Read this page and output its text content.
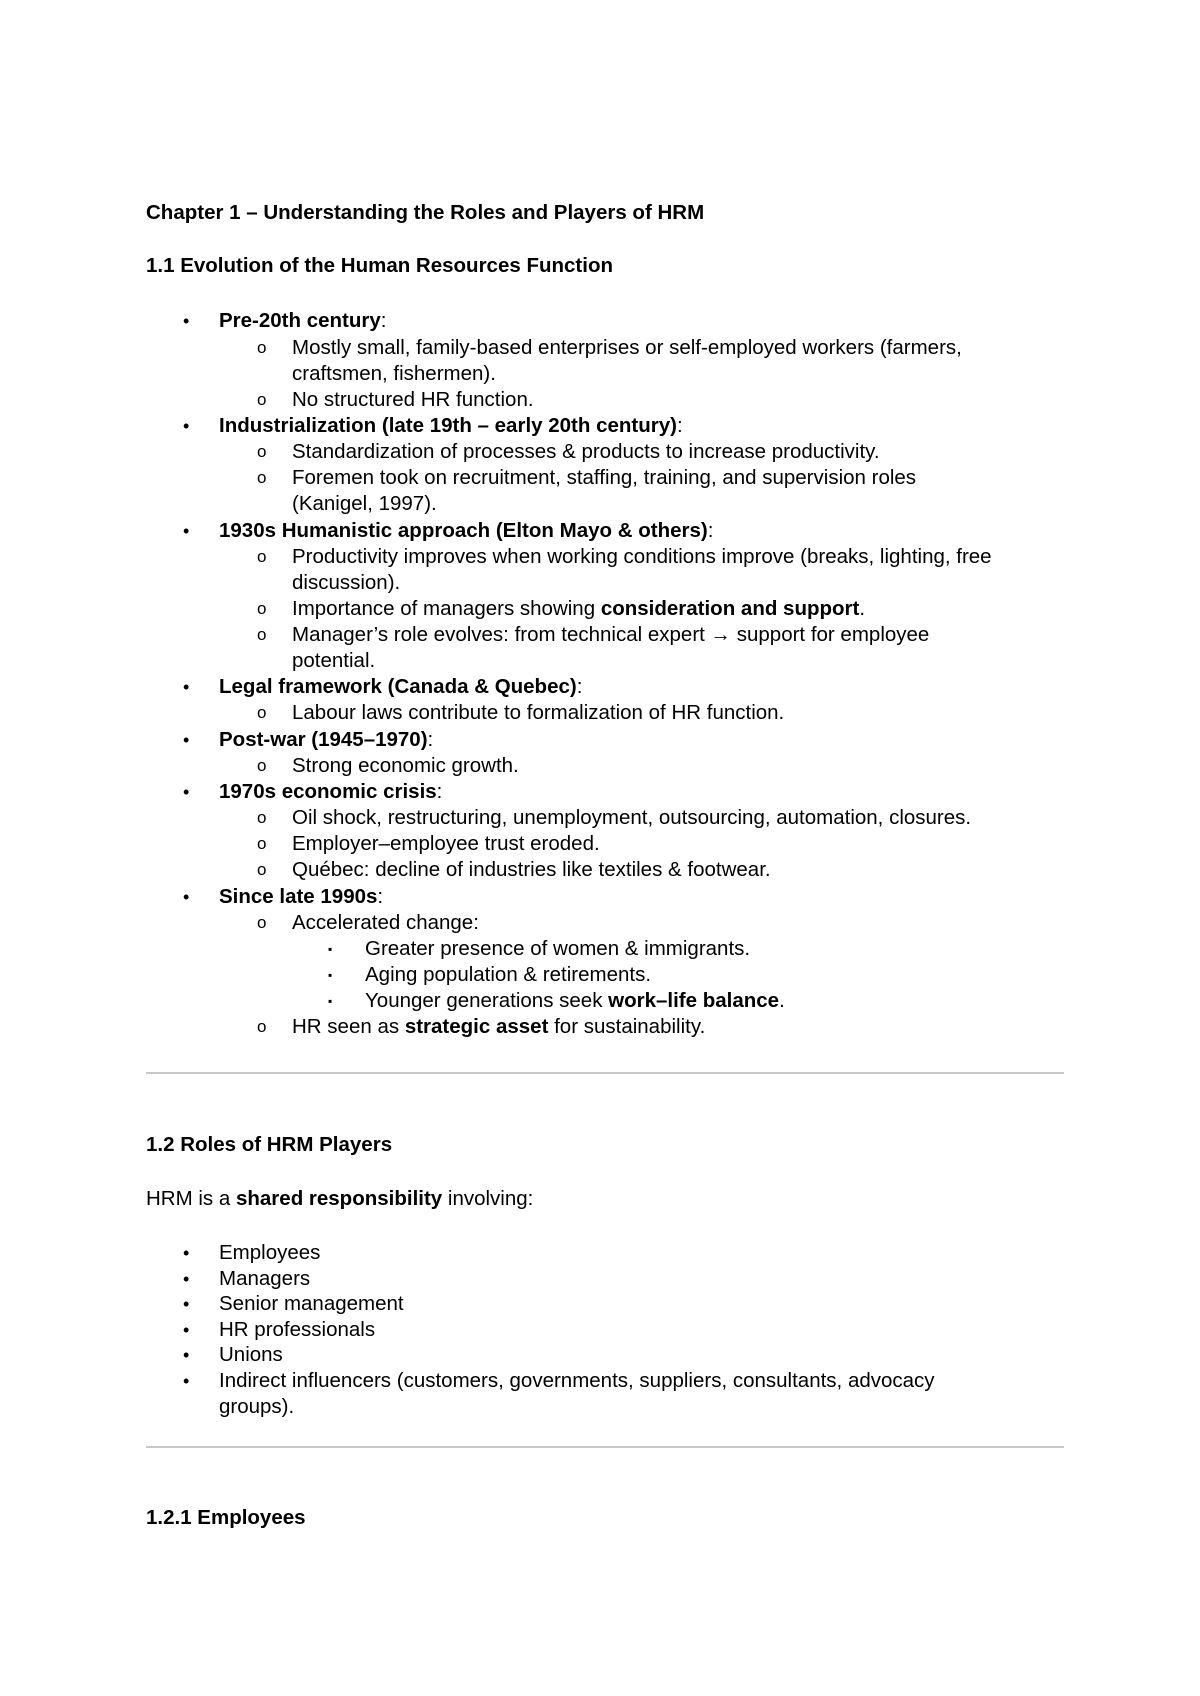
Chapter 1 – Understanding the Roles and Players of HRM
1.1 Evolution of the Human Resources Function
• Pre-20th century:
o Mostly small, family-based enterprises or self-employed workers (farmers,
craftsmen, fishermen).
o No structured HR function.
• Industrialization (late 19th – early 20th century):
o Standardization of processes & products to increase productivity.
o Foremen took on recruitment, staffing, training, and supervision roles
(Kanigel, 1997).
• 1930s Humanistic approach (Elton Mayo & others):
o Productivity improves when working conditions improve (breaks, lighting, free
discussion).
o Importance of managers showing consideration and support.
o Manager’s role evolves: from technical expert → support for employee
potential.
• Legal framework (Canada & Quebec):
o Labour laws contribute to formalization of HR function.
• Post-war (1945–1970):
o Strong economic growth.
• 1970s economic crisis:
o Oil shock, restructuring, unemployment, outsourcing, automation, closures.
o Employer–employee trust eroded.
o Québec: decline of industries like textiles & footwear.
• Since late 1990s:
o Accelerated change:
▪ Greater presence of women & immigrants.
▪ Aging population & retirements.
▪ Younger generations seek work–life balance.
o HR seen as strategic asset for sustainability.
1.2 Roles of HRM Players
HRM is a shared responsibility involving:
• Employees
• Managers
• Senior management
• HR professionals
• Unions
• Indirect influencers (customers, governments, suppliers, consultants, advocacy
groups).
1.2.1 Employees
